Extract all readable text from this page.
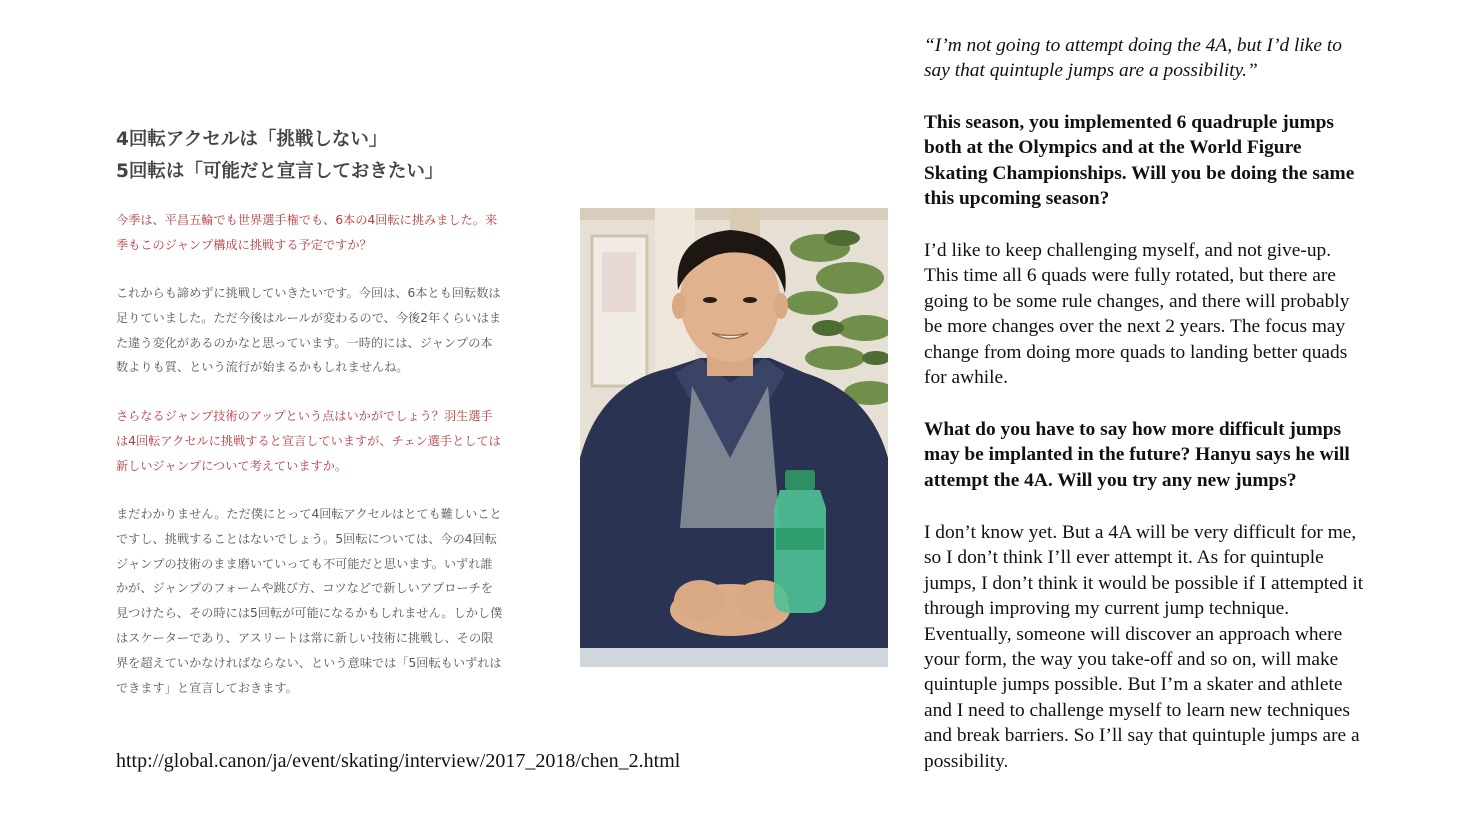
4回転アクセルは「挑戦しない」
5回転は「可能だと宣言しておきたい」
今季は、平昌五輪でも世界選手権でも、6本の4回転に挑みました。来
季もこのジャンプ構成に挑戦する予定ですか？
これからも諦めずに挑戦していきたいです。今回は、6本とも回転数は
足りていました。ただ今後はルールが変わるので、今後2年くらいはま
た違う変化があるのかなと思っています。一時的には、ジャンプの本
数よりも質、という流行が始まるかもしれませんね。
さらなるジャンプ技術のアップという点はいかがでしょう？羽生選手
は4回転アクセルに挑戦すると宣言していますが、チェン選手としては
新しいジャンプについて考えていますか。
まだわかりません。ただ僕にとって4回転アクセルはとても難しいこと
ですし、挑戦することはないでしょう。5回転については、今の4回転
ジャンプの技術のまま磨いていっても不可能だと思います。いずれ誰
かが、ジャンプのフォームや跳び方、コツなどで新しいアプローチを
見つけたら、その時には5回転が可能になるかもしれません。しかし僕
はスケーターであり、アスリートは常に新しい技術に挑戦し、その限
界を超えていかなければならない、という意味では「5回転もいずれは
できます」と宣言しておきます。
http://global.canon/ja/event/skating/interview/2017_2018/chen_2.html
“I’m not going to attempt doing the 4A, but I’d like to
say that quintuple jumps are a possibility.”
This season, you implemented 6 quadruple jumps
both at the Olympics and at the World Figure
Skating Championships. Will you be doing the same
this upcoming season?
I’d like to keep challenging myself, and not give-up.
This time all 6 quads were fully rotated, but there are
going to be some rule changes, and there will probably
be more changes over the next 2 years. The focus may
change from doing more quads to landing better quads
for awhile.
What do you have to say how more difficult jumps
may be implanted in the future? Hanyu says he will
attempt the 4A. Will you try any new jumps?
I don’t know yet. But a 4A will be very difficult for me,
so I don’t think I’ll ever attempt it. As for quintuple
jumps, I don’t think it would be possible if I attempted it
through improving my current jump technique.
Eventually, someone will discover an approach where
your form, the way you take-off and so on, will make
quintuple jumps possible. But I’m a skater and athlete
and I need to challenge myself to learn new techniques
and break barriers. So I’ll say that quintuple jumps are a
possibility.
